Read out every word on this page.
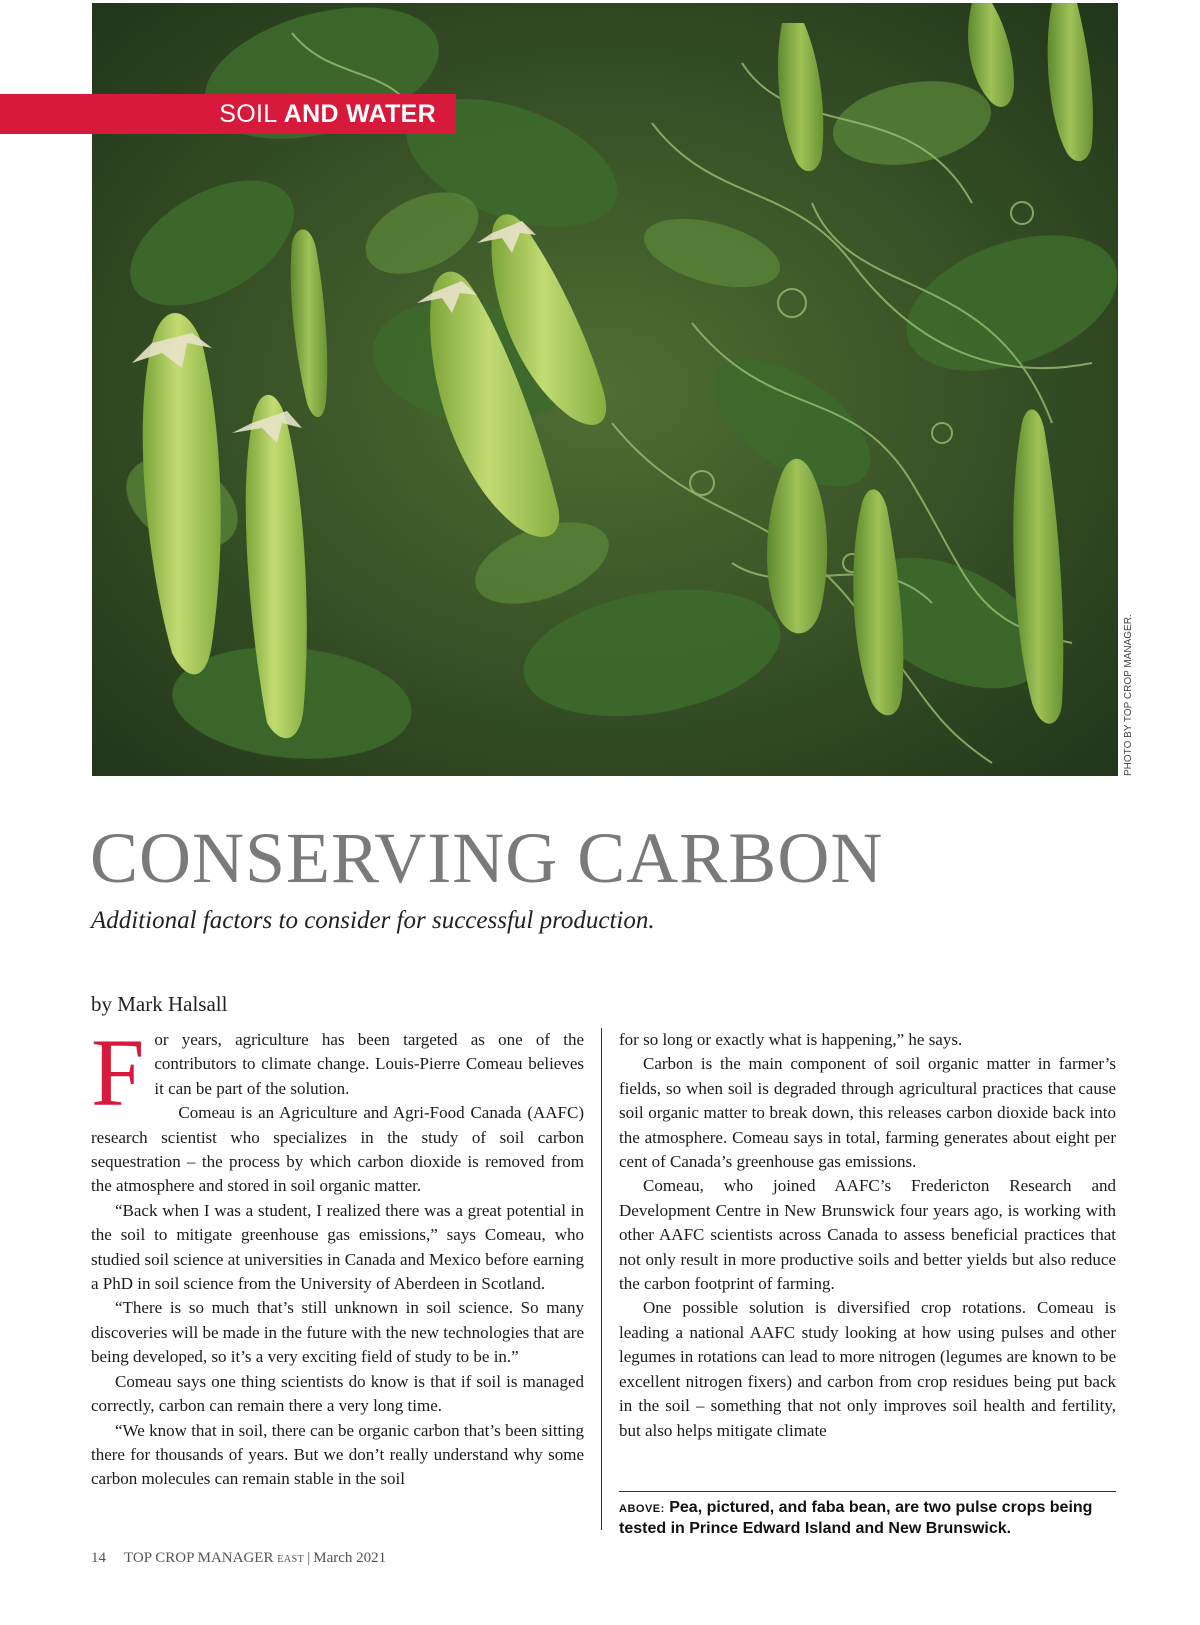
SOIL AND WATER
PHOTO BY TOP CROP MANAGER.
CONSERVING CARBON

Additional factors to consider for successful production.

by Mark Halsall

For years, agriculture has been targeted as one of the contributors to climate change. Louis-Pierre Comeau believes it can be part of the solution.

Comeau is an Agriculture and Agri-Food Canada (AAFC) research scientist who specializes in the study of soil carbon sequestration – the process by which carbon dioxide is removed from the atmosphere and stored in soil organic matter.

“Back when I was a student, I realized there was a great potential in the soil to mitigate greenhouse gas emissions,” says Comeau, who studied soil science at universities in Canada and Mexico before earning a PhD in soil science from the University of Aberdeen in Scotland.

“There is so much that’s still unknown in soil science. So many discoveries will be made in the future with the new technologies that are being developed, so it’s a very exciting field of study to be in.”

Comeau says one thing scientists do know is that if soil is managed correctly, carbon can remain there a very long time.

“We know that in soil, there can be organic carbon that’s been sitting there for thousands of years. But we don’t really understand why some carbon molecules can remain stable in the soil

for so long or exactly what is happening,” he says.

Carbon is the main component of soil organic matter in farmer’s fields, so when soil is degraded through agricultural practices that cause soil organic matter to break down, this releases carbon dioxide back into the atmosphere. Comeau says in total, farming generates about eight per cent of Canada’s greenhouse gas emissions.

Comeau, who joined AAFC’s Fredericton Research and Development Centre in New Brunswick four years ago, is working with other AAFC scientists across Canada to assess beneficial practices that not only result in more productive soils and better yields but also reduce the carbon footprint of farming.

One possible solution is diversified crop rotations. Comeau is leading a national AAFC study looking at how using pulses and other legumes in rotations can lead to more nitrogen (legumes are known to be excellent nitrogen fixers) and carbon from crop residues being put back in the soil – something that not only improves soil health and fertility, but also helps mitigate climate

ABOVE: Pea, pictured, and faba bean, are two pulse crops being tested in Prince Edward Island and New Brunswick.
14 TOP CROP MANAGER EAST | March 2021
